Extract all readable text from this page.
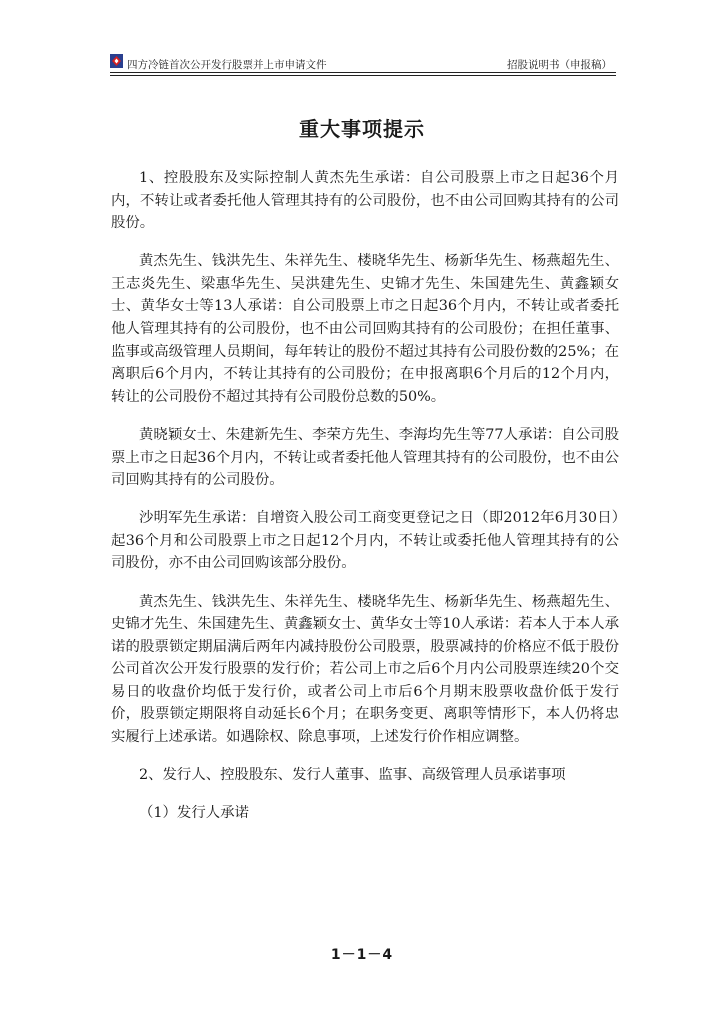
四方冷链首次公开发行股票并上市申请文件	招股说明书（申报稿）
重大事项提示

1、控股股东及实际控制人黄杰先生承诺：自公司股票上市之日起36个月内，不转让或者委托他人管理其持有的公司股份，也不由公司回购其持有的公司股份。

黄杰先生、钱洪先生、朱祥先生、楼晓华先生、杨新华先生、杨燕超先生、王志炎先生、梁惠华先生、吴洪建先生、史锦才先生、朱国建先生、黄鑫颖女士、黄华女士等13人承诺：自公司股票上市之日起36个月内，不转让或者委托他人管理其持有的公司股份，也不由公司回购其持有的公司股份；在担任董事、监事或高级管理人员期间，每年转让的股份不超过其持有公司股份数的25%；在离职后6个月内，不转让其持有的公司股份；在申报离职6个月后的12个月内，转让的公司股份不超过其持有公司股份总数的50%。

黄晓颖女士、朱建新先生、李荣方先生、李海均先生等77人承诺：自公司股票上市之日起36个月内，不转让或者委托他人管理其持有的公司股份，也不由公司回购其持有的公司股份。

沙明军先生承诺：自增资入股公司工商变更登记之日（即2012年6月30日）起36个月和公司股票上市之日起12个月内，不转让或委托他人管理其持有的公司股份，亦不由公司回购该部分股份。

黄杰先生、钱洪先生、朱祥先生、楼晓华先生、杨新华先生、杨燕超先生、史锦才先生、朱国建先生、黄鑫颖女士、黄华女士等10人承诺：若本人于本人承诺的股票锁定期届满后两年内减持股份公司股票，股票减持的价格应不低于股份公司首次公开发行股票的发行价；若公司上市之后6个月内公司股票连续20个交易日的收盘价均低于发行价，或者公司上市后6个月期末股票收盘价低于发行价，股票锁定期限将自动延长6个月；在职务变更、离职等情形下，本人仍将忠实履行上述承诺。如遇除权、除息事项，上述发行价作相应调整。

2、发行人、控股股东、发行人董事、监事、高级管理人员承诺事项

（1）发行人承诺

1－1－4
